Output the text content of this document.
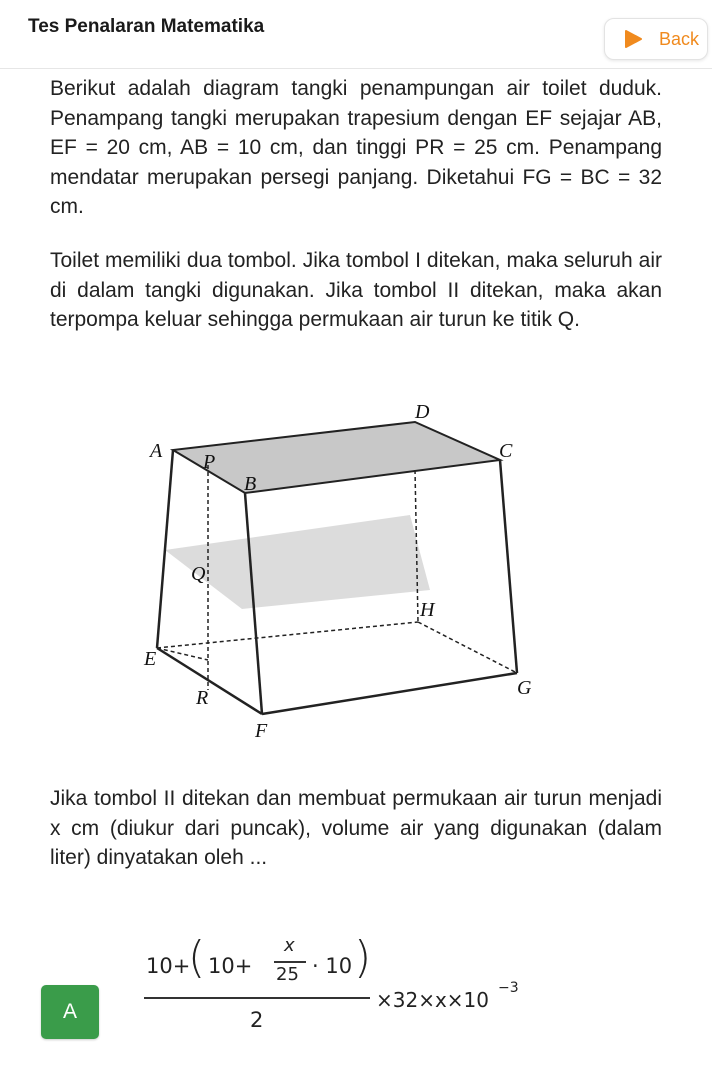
Tes Penalaran Matematika
Back

Berikut adalah diagram tangki penampungan air toilet duduk. Penampang tangki merupakan trapesium dengan EF sejajar AB, EF = 20 cm, AB = 10 cm, dan tinggi PR = 25 cm. Penampang mendatar merupakan persegi panjang. Diketahui FG = BC = 32 cm.

Toilet memiliki dua tombol. Jika tombol I ditekan, maka seluruh air di dalam tangki digunakan. Jika tombol II ditekan, maka akan terpompa keluar sehingga permukaan air turun ke titik Q.

D
A P	C
B
Q
H
E
G
R
F

Jika tombol II ditekan dan membuat permukaan air turun menjadi x cm (diukur dari puncak), volume air yang digunakan (dalam liter) dinyatakan oleh ...

A
10+
( 10+
x
25 · 10 )
2
×32×x×10 −3
